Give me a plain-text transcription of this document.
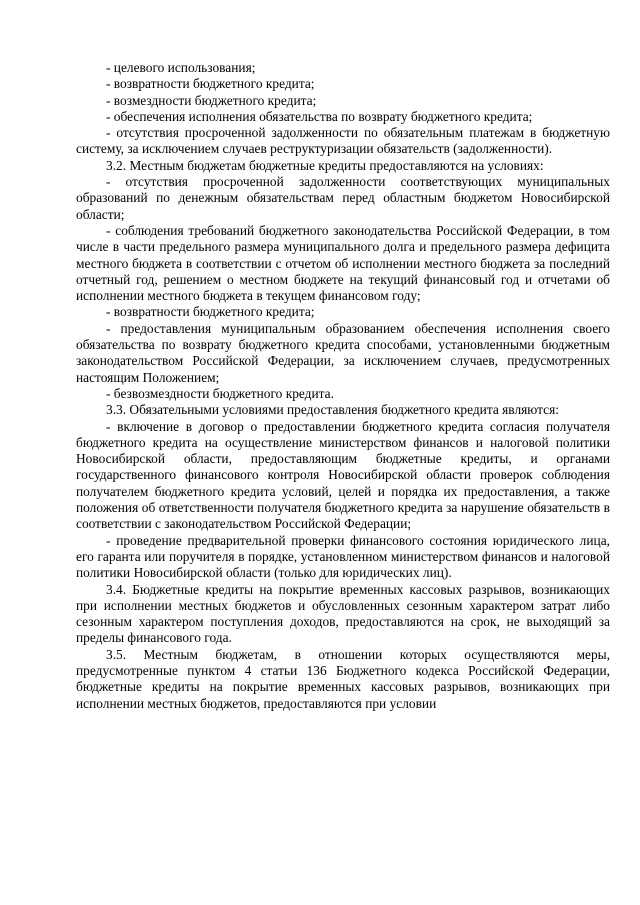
- целевого использования;

- возвратности бюджетного кредита;

- возмездности бюджетного кредита;

- обеспечения исполнения обязательства по возврату бюджетного кредита;

- отсутствия просроченной задолженности по обязательным платежам в бюджетную систему, за исключением случаев реструктуризации обязательств (задолженности).

3.2. Местным бюджетам бюджетные кредиты предоставляются на условиях:

- отсутствия просроченной задолженности соответствующих муниципальных образований по денежным обязательствам перед областным бюджетом Новосибирской области;

- соблюдения требований бюджетного законодательства Российской Федерации, в том числе в части предельного размера муниципального долга и предельного размера дефицита местного бюджета в соответствии с отчетом об исполнении местного бюджета за последний отчетный год, решением о местном бюджете на текущий финансовый год и отчетами об исполнении местного бюджета в текущем финансовом году;

- возвратности бюджетного кредита;

- предоставления муниципальным образованием обеспечения исполнения своего обязательства по возврату бюджетного кредита способами, установленными бюджетным законодательством Российской Федерации, за исключением случаев, предусмотренных настоящим Положением;

- безвозмездности бюджетного кредита.

3.3. Обязательными условиями предоставления бюджетного кредита являются:

- включение в договор о предоставлении бюджетного кредита согласия получателя бюджетного кредита на осуществление министерством финансов и налоговой политики Новосибирской области, предоставляющим бюджетные кредиты, и органами государственного финансового контроля Новосибирской области проверок соблюдения получателем бюджетного кредита условий, целей и порядка их предоставления, а также положения об ответственности получателя бюджетного кредита за нарушение обязательств в соответствии с законодательством Российской Федерации;

- проведение предварительной проверки финансового состояния юридического лица, его гаранта или поручителя в порядке, установленном министерством финансов и налоговой политики Новосибирской области (только для юридических лиц).

3.4. Бюджетные кредиты на покрытие временных кассовых разрывов, возникающих при исполнении местных бюджетов и обусловленных сезонным характером затрат либо сезонным характером поступления доходов, предоставляются на срок, не выходящий за пределы финансового года.

3.5. Местным бюджетам, в отношении которых осуществляются меры, предусмотренные пунктом 4 статьи 136 Бюджетного кодекса Российской Федерации, бюджетные кредиты на покрытие временных кассовых разрывов, возникающих при исполнении местных бюджетов, предоставляются при условии
